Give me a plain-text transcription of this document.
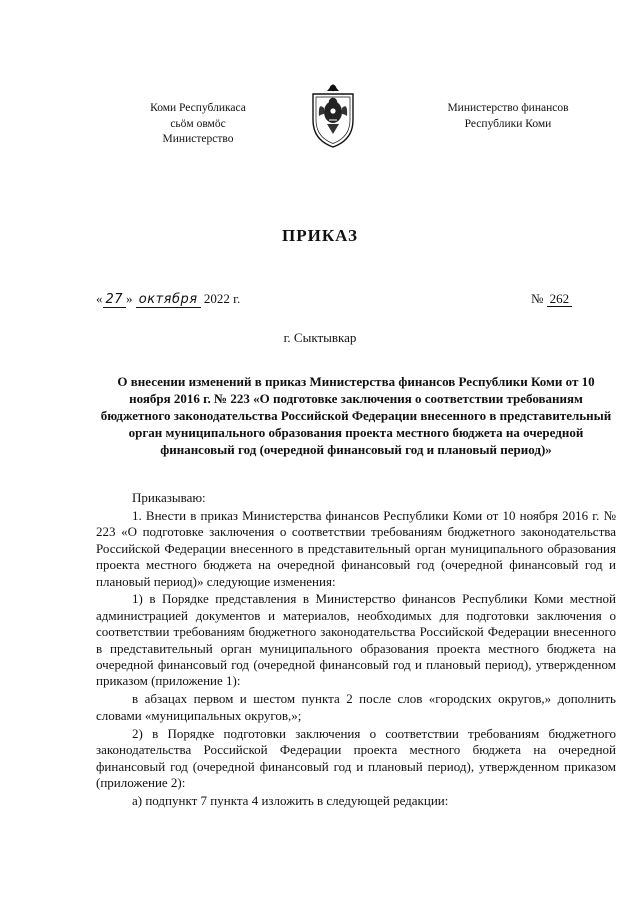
Коми Республикаса
сьӧм овмӧс
Министерство
Министерство финансов
Республики Коми
ПРИКАЗ
« 27 » октября 2022 г.	№ 262
г. Сыктывкар
О внесении изменений в приказ Министерства финансов Республики Коми от 10 ноября 2016 г. № 223 «О подготовке заключения о соответствии требованиям бюджетного законодательства Российской Федерации внесенного в представительный орган муниципального образования проекта местного бюджета на очередной финансовый год (очередной финансовый год и плановый период)»

Приказываю:

1. Внести в приказ Министерства финансов Республики Коми от 10 ноября 2016 г. № 223 «О подготовке заключения о соответствии требованиям бюджетного законодательства Российской Федерации внесенного в представительный орган муниципального образования проекта местного бюджета на очередной финансовый год (очередной финансовый год и плановый период)» следующие изменения:

1) в Порядке представления в Министерство финансов Республики Коми местной администрацией документов и материалов, необходимых для подготовки заключения о соответствии требованиям бюджетного законодательства Российской Федерации внесенного в представительный орган муниципального образования проекта местного бюджета на очередной финансовый год (очередной финансовый год и плановый период), утвержденном приказом (приложение 1):

в абзацах первом и шестом пункта 2 после слов «городских округов,» дополнить словами «муниципальных округов,»;

2) в Порядке подготовки заключения о соответствии требованиям бюджетного законодательства Российской Федерации проекта местного бюджета на очередной финансовый год (очередной финансовый год и плановый период), утвержденном приказом (приложение 2):

а) подпункт 7 пункта 4 изложить в следующей редакции:
